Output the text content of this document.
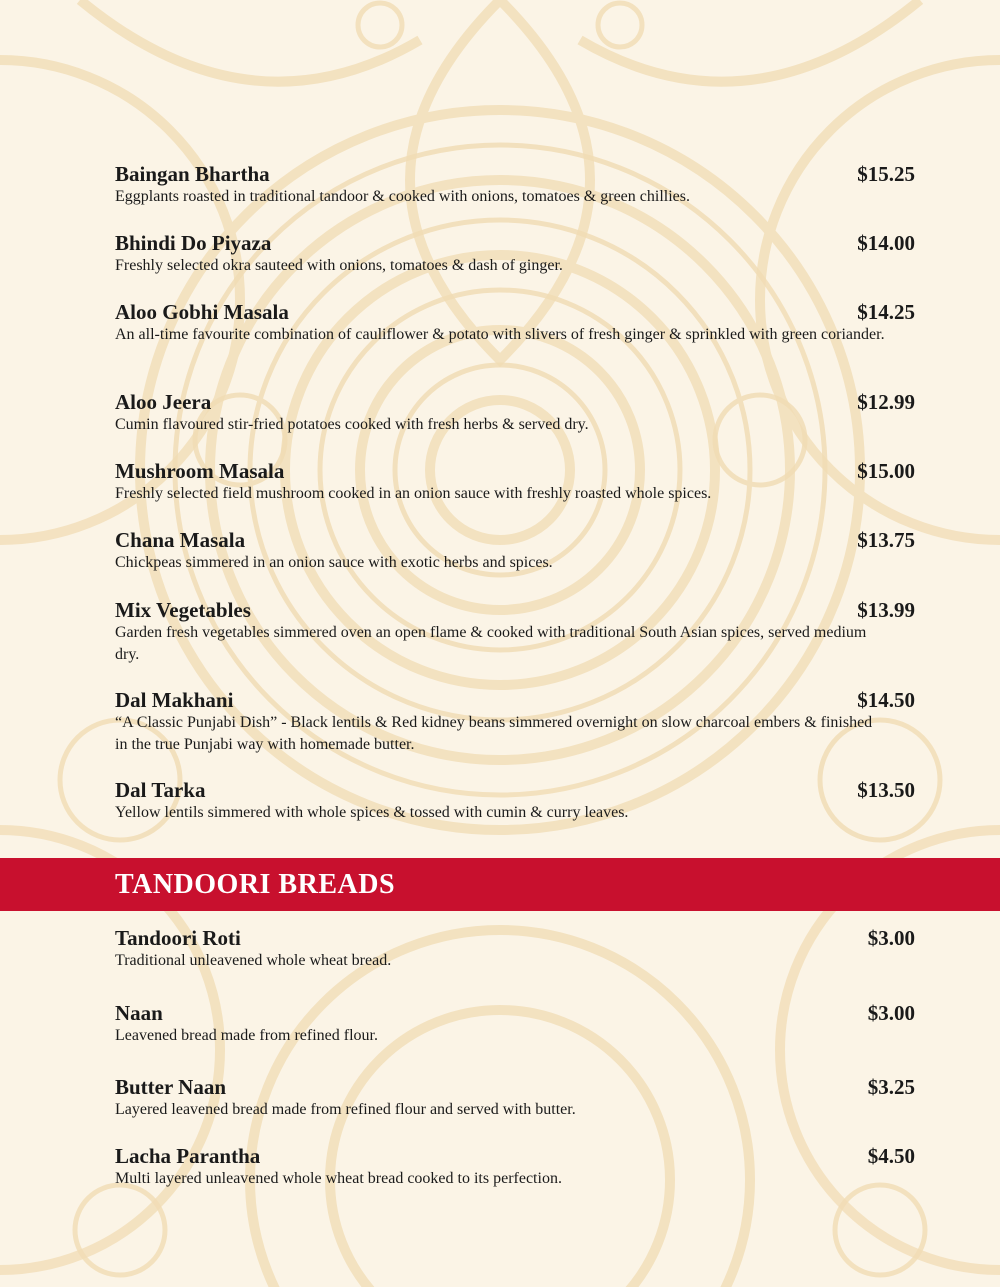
Baingan Bhartha	$15.25
Eggplants roasted in traditional tandoor & cooked with onions, tomatoes & green chillies.
Bhindi Do Piyaza	$14.00
Freshly selected okra sauteed with onions, tomatoes & dash of ginger.
Aloo Gobhi Masala	$14.25
An all-time favourite combination of cauliflower & potato with slivers of fresh ginger & sprinkled with green coriander.
Aloo Jeera	$12.99
Cumin flavoured stir-fried potatoes cooked with fresh herbs & served dry.
Mushroom Masala	$15.00
Freshly selected field mushroom cooked in an onion sauce with freshly roasted whole spices.
Chana Masala	$13.75
Chickpeas simmered in an onion sauce with exotic herbs and spices.
Mix Vegetables	$13.99
Garden fresh vegetables simmered oven an open flame & cooked with traditional South Asian spices, served medium dry.
Dal Makhani	$14.50
“A Classic Punjabi Dish” - Black lentils & Red kidney beans simmered overnight on slow charcoal embers & finished in the true Punjabi way with homemade butter.
Dal Tarka	$13.50
Yellow lentils simmered with whole spices & tossed with cumin & curry leaves.
TANDOORI BREADS
Tandoori Roti	$3.00
Traditional unleavened whole wheat bread.
Naan	$3.00
Leavened bread made from refined flour.
Butter Naan	$3.25
Layered leavened bread made from refined flour and served with butter.
Lacha Parantha	$4.50
Multi layered unleavened whole wheat bread cooked to its perfection.
